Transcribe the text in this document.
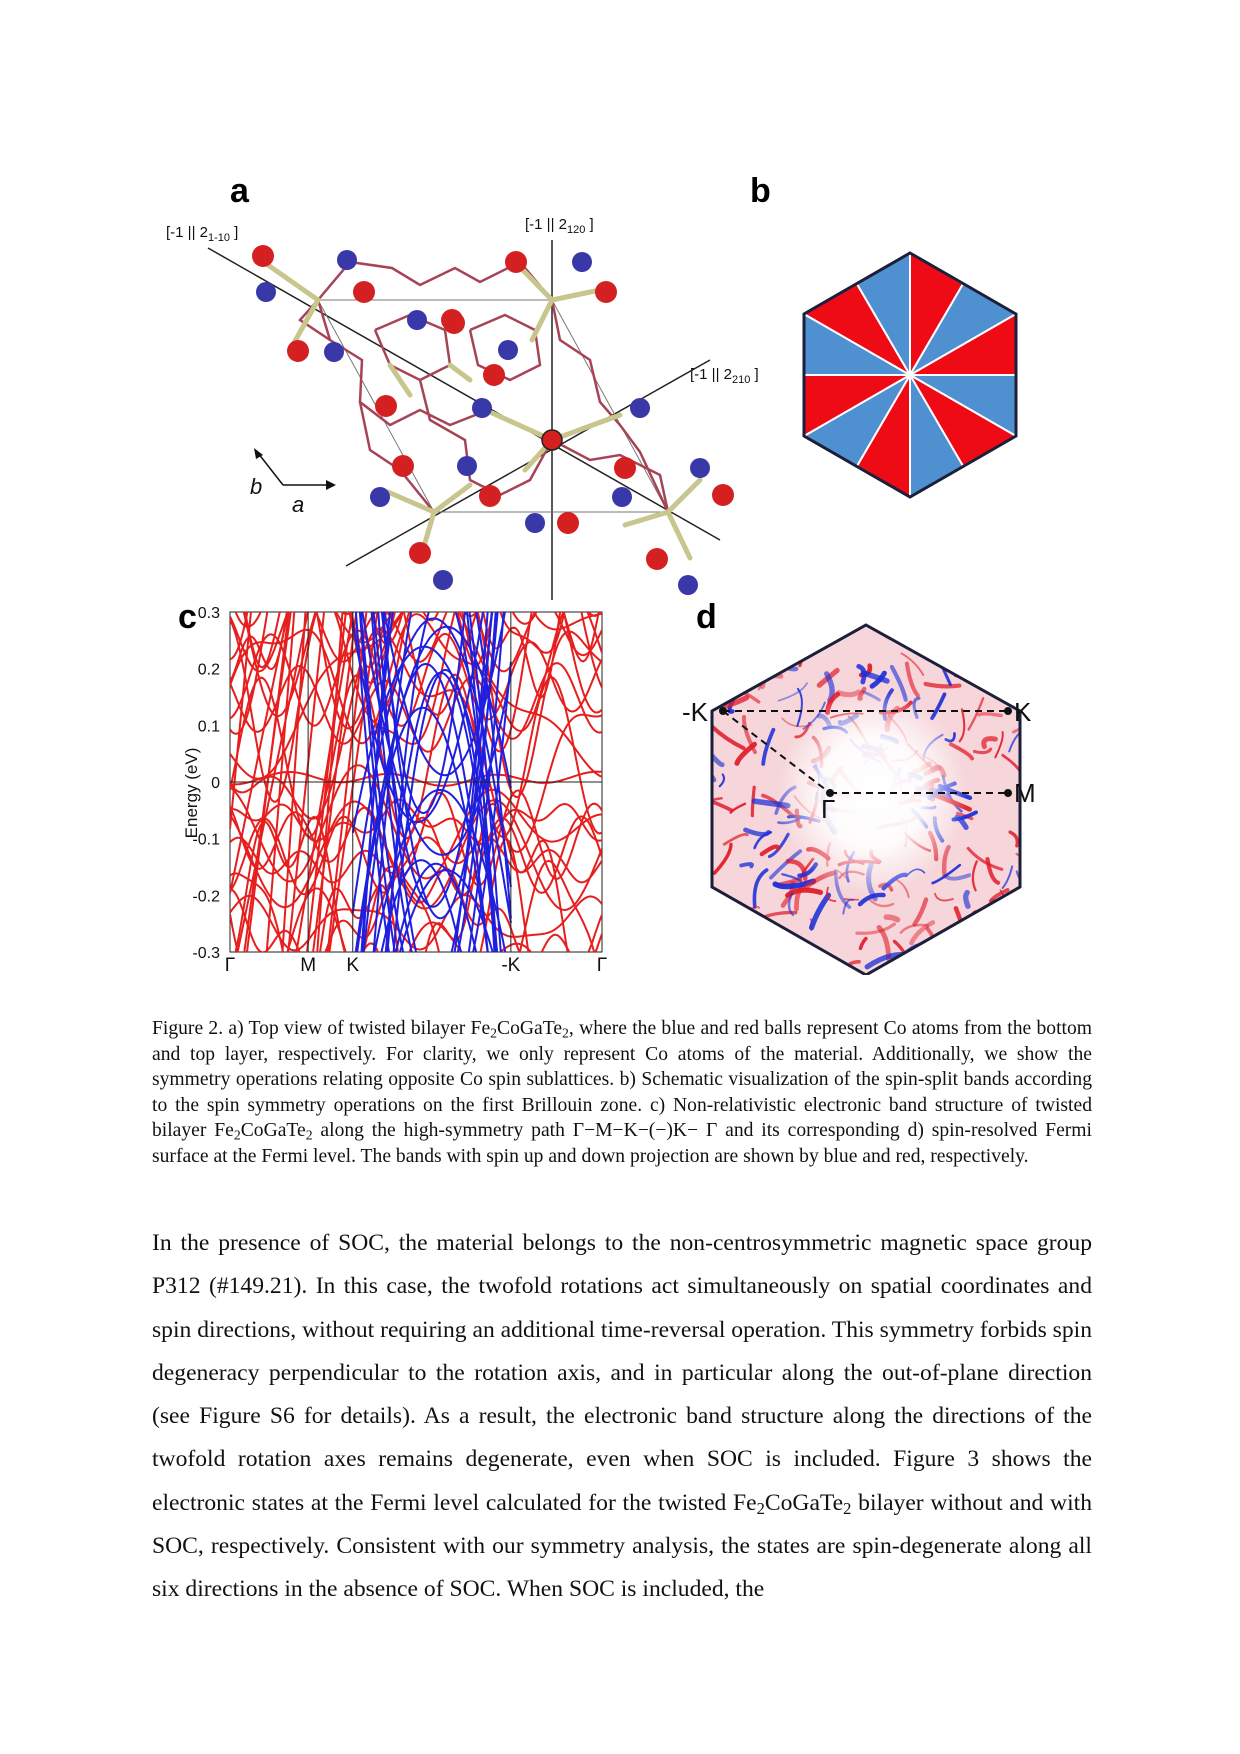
a
[-1 || $2_{1-10}$ ]	[-1 || $2_{120}$ ]
[-1 || $2_{210}$ ]
b
a
b
c
Energy (eV)
0.3
0.2
0.1
0
-0.1
-0.2
-0.3
Γ	M K	-K	Γ
d
-K	K
M
Γ
Figure 2. a) Top view of twisted bilayer $Fe_2CoGaTe_2$, where the blue and red balls represent Co atoms from the bottom and top layer, respectively. For clarity, we only represent Co atoms of the material. Additionally, we show the symmetry operations relating opposite Co spin sublattices. b) Schematic visualization of the spin-split bands according to the spin symmetry operations on the first Brillouin zone. c) Non-relativistic electronic band structure of twisted bilayer $Fe_2CoGaTe_2$ along the high-symmetry path Γ−M−K−(−)K− Γ and its corresponding d) spin-resolved Fermi surface at the Fermi level. The bands with spin up and down projection are shown by blue and red, respectively.
In the presence of SOC, the material belongs to the non-centrosymmetric magnetic space group P312 (#149.21). In this case, the twofold rotations act simultaneously on spatial coordinates and spin directions, without requiring an additional time-reversal operation. This symmetry forbids spin degeneracy perpendicular to the rotation axis, and in particular along the out-of-plane direction (see Figure S6 for details). As a result, the electronic band structure along the directions of the twofold rotation axes remains degenerate, even when SOC is included. Figure 3 shows the electronic states at the Fermi level calculated for the twisted $Fe_2CoGaTe_2$ bilayer without and with SOC, respectively. Consistent with our symmetry analysis, the states are spin-degenerate along all six directions in the absence of SOC. When SOC is included, the
